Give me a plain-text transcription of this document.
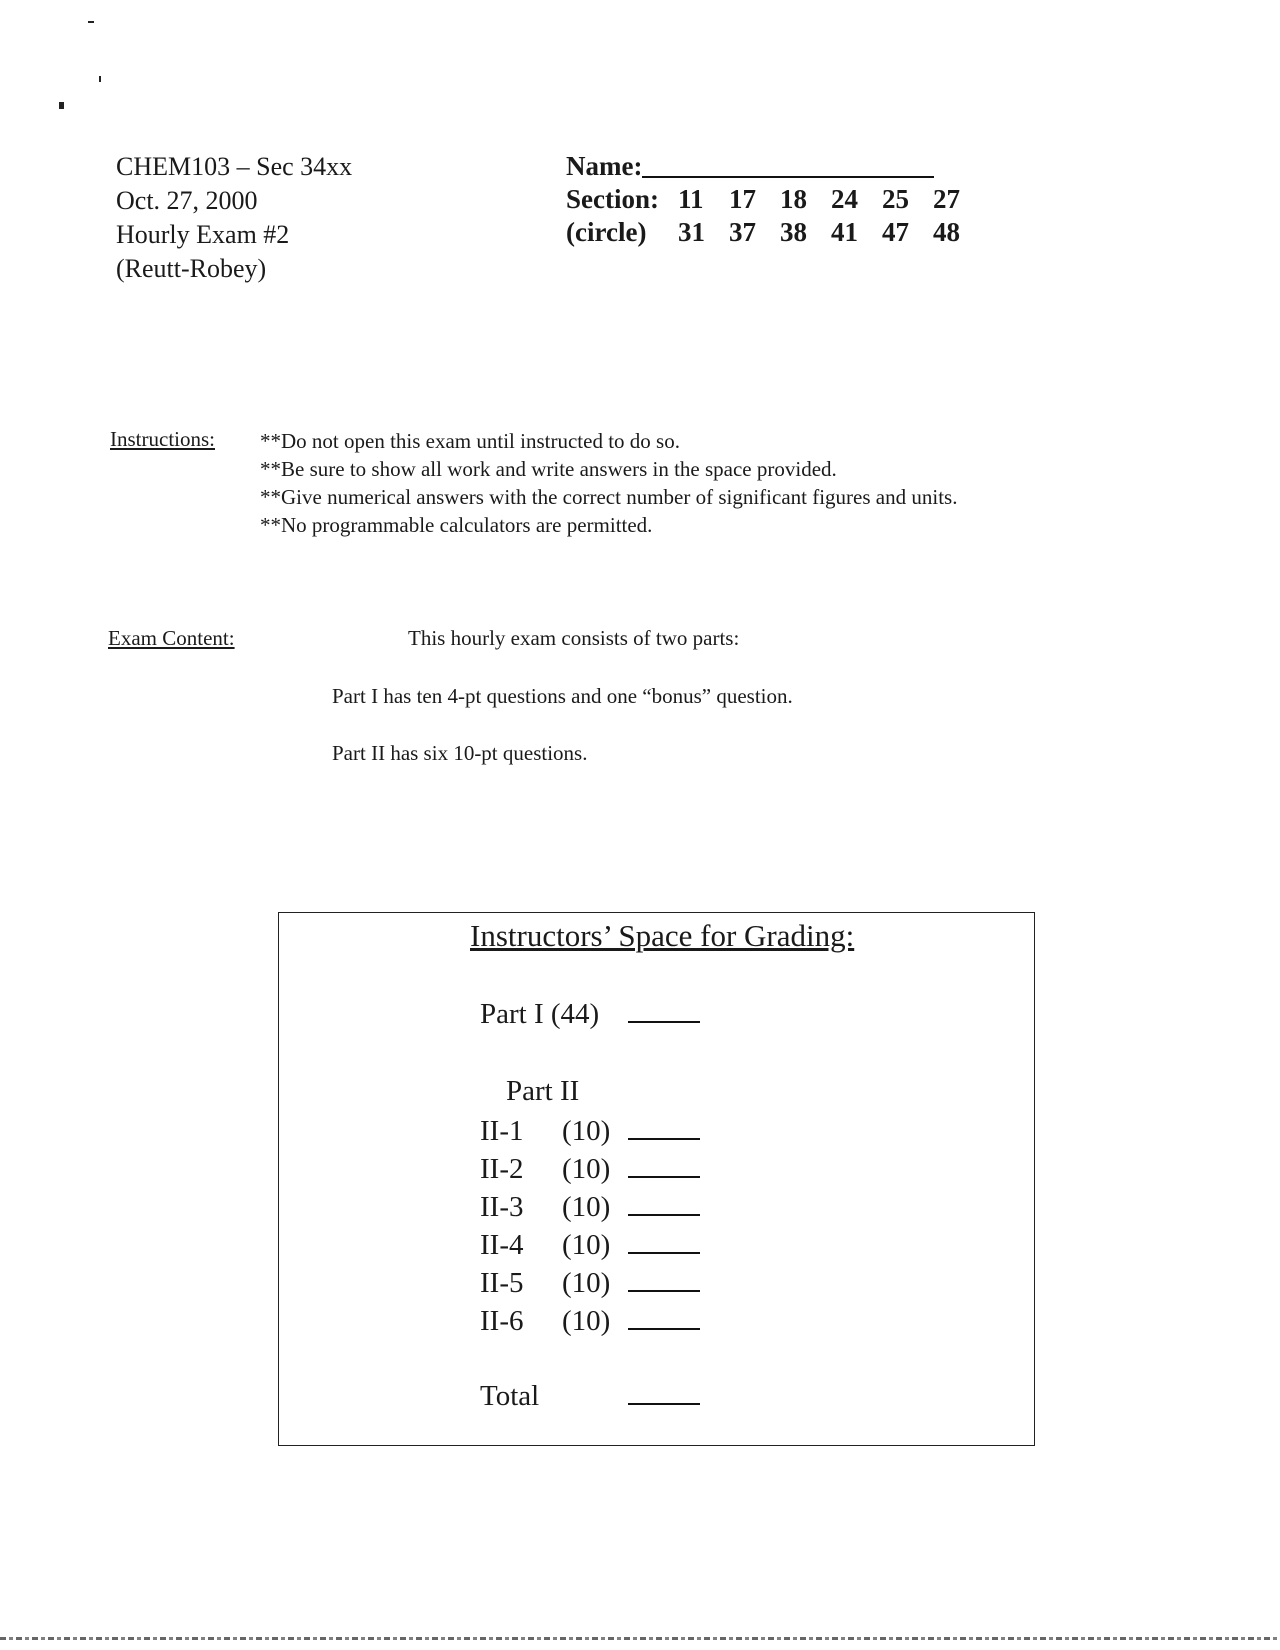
CHEM103 – Sec 34xx
Oct. 27, 2000
Hourly Exam #2
(Reutt-Robey)
Name:
Section: 11 17 18 24 25 27
(circle)	31 37 38 41 47 48
Instructions: **Do not open this exam until instructed to do so.
**Be sure to show all work and write answers in the space provided.
**Give numerical answers with the correct number of significant figures and units.
**No programmable calculators are permitted.
Exam Content:	This hourly exam consists of two parts:
Part I has ten 4-pt questions and one “bonus” question.
Part II has six 10-pt questions.
Instructors’ Space for Grading:
Part I (44)
Part II
II-1 (10)
II-2 (10)
II-3 (10)
II-4 (10)
II-5 (10)
II-6 (10)
Total
